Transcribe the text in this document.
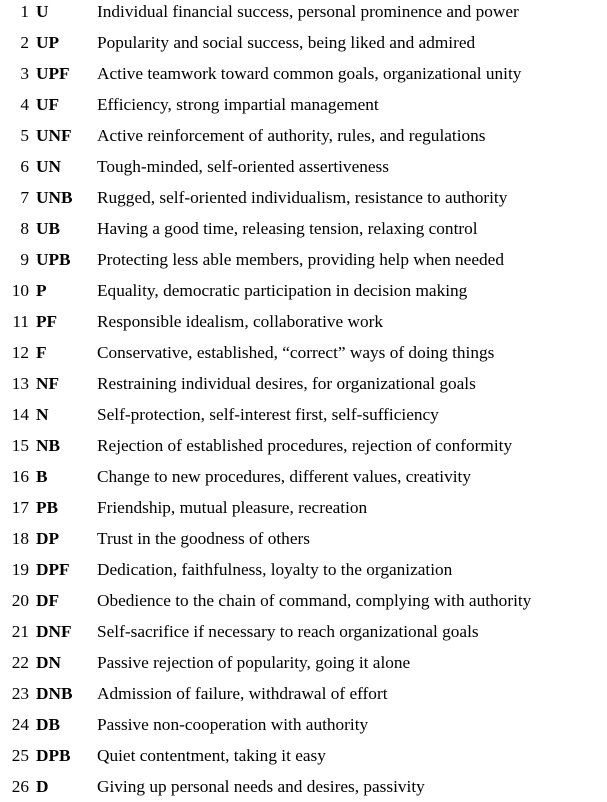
1 U	Individual financial success, personal prominence and power
2 UP Popularity and social success, being liked and admired
3 UPF Active teamwork toward common goals, organizational unity
4 UF Efficiency, strong impartial management
5 UNF Active reinforcement of authority, rules, and regulations
6 UN Tough-minded, self-oriented assertiveness
7 UNB Rugged, self-oriented individualism, resistance to authority
8 UB Having a good time, releasing tension, relaxing control
9 UPB Protecting less able members, providing help when needed
10 P	Equality, democratic participation in decision making
11 PF Responsible idealism, collaborative work
12 F	Conservative, established, “correct” ways of doing things
13 NF Restraining individual desires, for organizational goals
14 N	Self-protection, self-interest first, self-sufficiency
15 NB Rejection of established procedures, rejection of conformity
16 B	Change to new procedures, different values, creativity
17 PB Friendship, mutual pleasure, recreation
18 DP Trust in the goodness of others
19 DPF Dedication, faithfulness, loyalty to the organization
20 DF Obedience to the chain of command, complying with authority
21 DNF Self-sacrifice if necessary to reach organizational goals
22 DN Passive rejection of popularity, going it alone
23 DNB Admission of failure, withdrawal of effort
24 DB Passive non-cooperation with authority
25 DPB Quiet contentment, taking it easy
26 D	Giving up personal needs and desires, passivity
